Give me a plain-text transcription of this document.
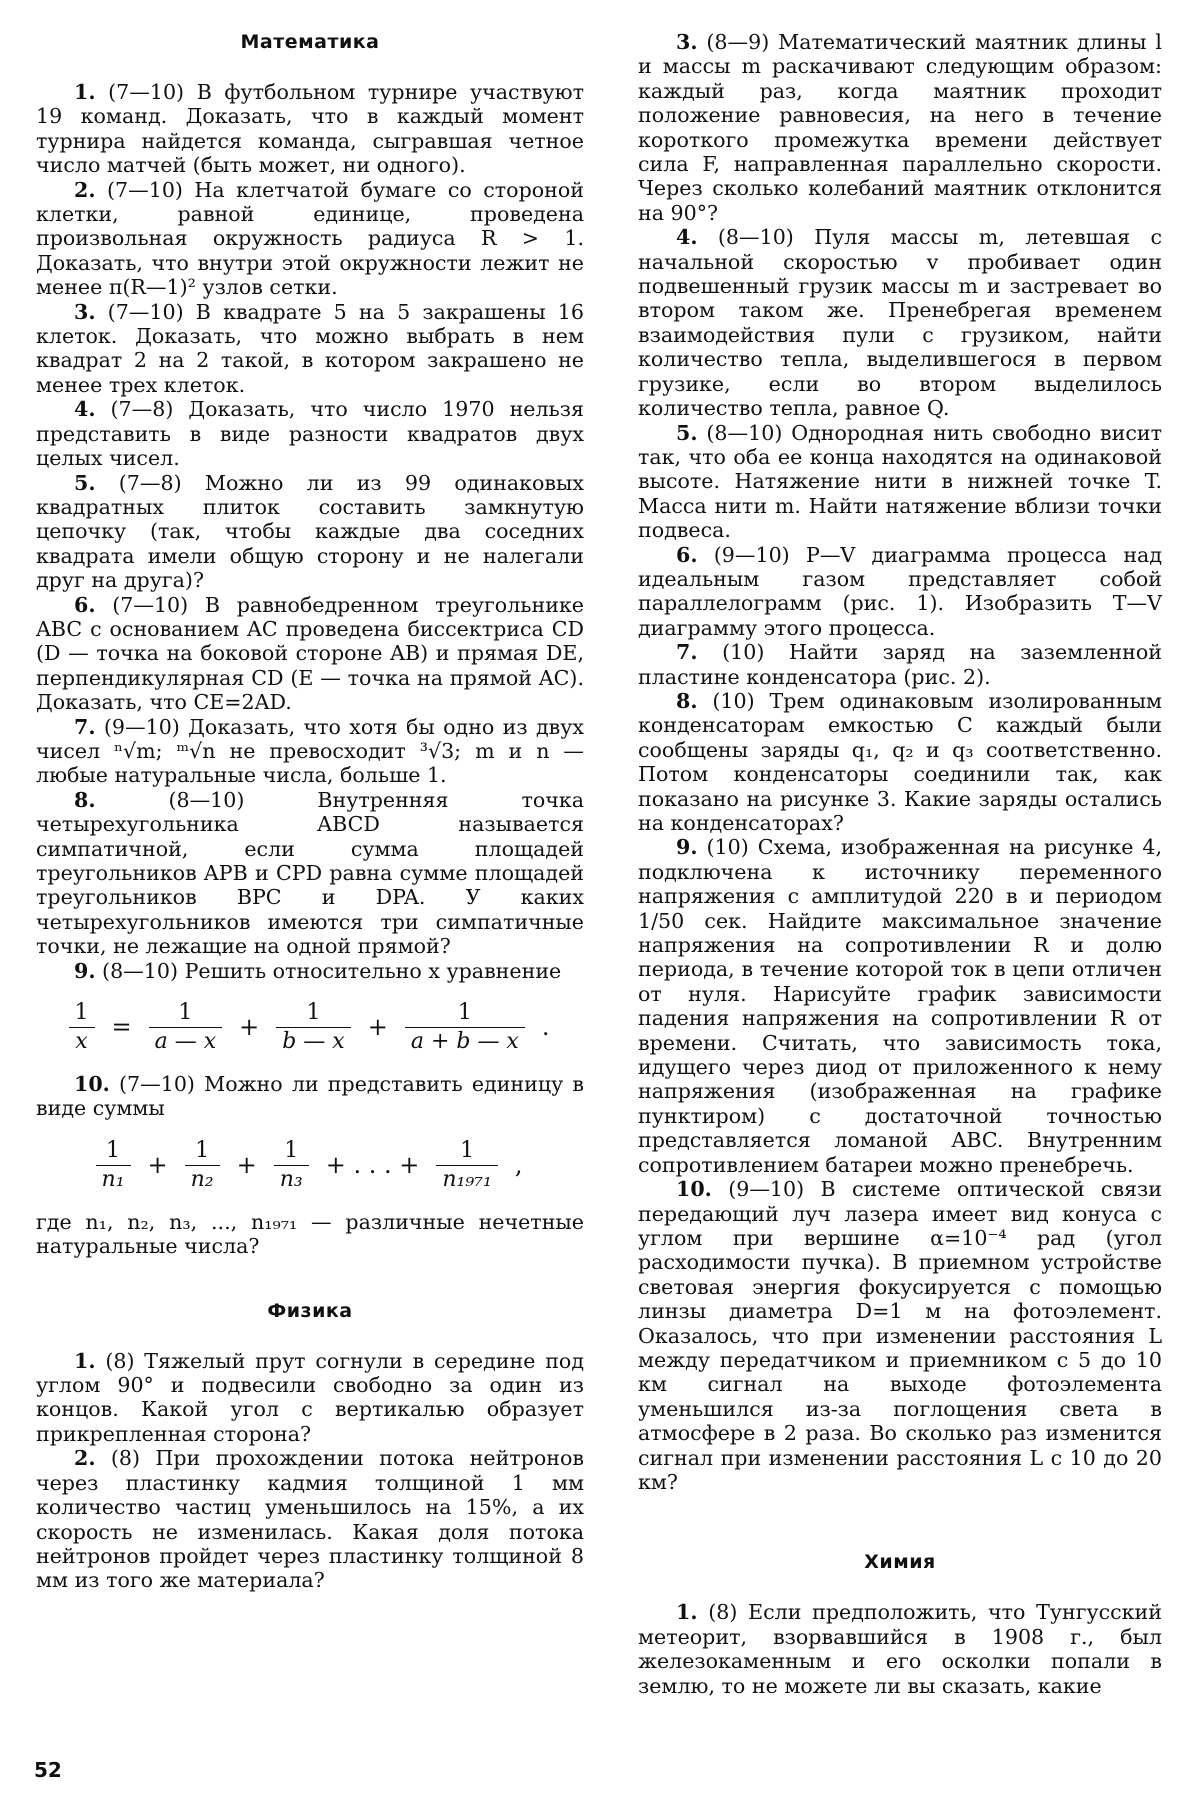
Математика

1. (7—10) В футбольном турнире участвуют 19 команд. Доказать, что в каждый момент турнира найдется команда, сыгравшая четное число матчей (быть может, ни одного).

2. (7—10) На клетчатой бумаге со стороной клетки, равной единице, проведена произвольная окружность радиуса R > 1. Доказать, что внутри этой окружности лежит не менее π(R—1)² узлов сетки.

3. (7—10) В квадрате 5 на 5 закрашены 16 клеток. Доказать, что можно выбрать в нем квадрат 2 на 2 такой, в котором закрашено не менее трех клеток.

4. (7—8) Доказать, что число 1970 нельзя представить в виде разности квадратов двух целых чисел.

5. (7—8) Можно ли из 99 одинаковых квадратных плиток составить замкнутую цепочку (так, чтобы каждые два соседних квадрата имели общую сторону и не налегали друг на друга)?

6. (7—10) В равнобедренном треугольнике ABC с основанием AC проведена биссектриса CD (D — точка на боковой стороне AB) и прямая DE, перпендикулярная CD (E — точка на прямой AC). Доказать, что CE=2AD.

7. (9—10) Доказать, что хотя бы одно из двух чисел ⁿ√m; ᵐ√n не превосходит ³√3; m и n — любые натуральные числа, больше 1.

8.	(8—10) Внутренняя точка четырехугольника ABCD называется симпатичной, если сумма площадей треугольников APB и CPD равна сумме площадей треугольников BPC и DPA. У каких четырехугольников имеются три симпатичные точки, не лежащие на одной прямой?

9. (8—10) Решить относительно x уравнение

$\frac{1}{x} = \frac{1}{a — x} + \frac{1}{b — x} + \frac{1}{a + b — x}$ .

10. (7—10) Можно ли представить единицу в виде суммы

$\frac{1}{\text{n₁}} + \frac{1}{\text{n₂}} + \frac{1}{\text{n₃}}$ + . . . + $\frac{1}{\text{n₁₉₇₁}}$ ,

где n₁, n₂, n₃, ..., n₁₉₇₁ — различные нечетные натуральные числа?

Физика

1. (8) Тяжелый прут согнули в середине под углом 90° и подвесили свободно за один из концов. Какой угол с вертикалью образует прикрепленная сторона?

2. (8) При прохождении потока нейтронов через пластинку кадмия толщиной 1 мм количество частиц уменьшилось на 15%, а их скорость не изменилась. Какая доля потока нейтронов пройдет через пластинку толщиной 8 мм из того же материала?

3. (8—9) Математический маятник длины l и массы m раскачивают следующим образом: каждый раз, когда маятник проходит положение равновесия, на него в течение короткого промежутка времени действует сила F, направленная параллельно скорости. Через сколько колебаний маятник отклонится на 90°?

4. (8—10) Пуля массы m, летевшая с начальной скоростью v пробивает один подвешенный грузик массы m и застревает во втором таком же. Пренебрегая временем взаимодействия пули с грузиком, найти количество тепла, выделившегося в первом грузике, если во втором выделилось количество тепла, равное Q.

5. (8—10) Однородная нить свободно висит так, что оба ее конца находятся на одинаковой высоте. Натяжение нити в нижней точке T. Масса нити m. Найти натяжение вблизи точки подвеса.

6. (9—10) P—V диаграмма процесса над идеальным газом представляет собой параллелограмм (рис. 1). Изобразить T—V диаграмму этого процесса.

7. (10) Найти заряд на заземленной пластине конденсатора (рис. 2).

8. (10) Трем одинаковым изолированным конденсаторам емкостью C каждый были сообщены заряды q₁, q₂ и q₃ соответственно. Потом конденсаторы соединили так, как показано на рисунке 3. Какие заряды остались на конденсаторах?

9. (10) Схема, изображенная на рисунке 4, подключена к источнику переменного напряжения с амплитудой 220 в и периодом 1/50 сек. Найдите максимальное значение напряжения на сопротивлении R и долю периода, в течение которой ток в цепи отличен от нуля. Нарисуйте график зависимости падения напряжения на сопротивлении R от времени. Считать, что зависимость тока, идущего через диод от приложенного к нему напряжения (изображенная на графике пунктиром) с достаточной точностью представляется ломаной ABC. Внутренним сопротивлением батареи можно пренебречь.

10. (9—10) В системе оптической связи передающий луч лазера имеет вид конуса с углом при вершине α=10⁻⁴ рад (угол расходимости пучка). В приемном устройстве световая энергия фокусируется с помощью линзы диаметра D=1 м на фотоэлемент. Оказалось, что при изменении расстояния L между передатчиком и приемником с 5 до 10 км сигнал на выходе фотоэлемента уменьшился из-за поглощения света в атмосфере в 2 раза. Во сколько раз изменится сигнал при изменении расстояния L с 10 до 20 км?

Химия

1. (8) Если предположить, что Тунгусский метеорит, взорвавшийся в 1908 г., был железокаменным и его осколки попали в землю, то не можете ли вы сказать, какие

52
